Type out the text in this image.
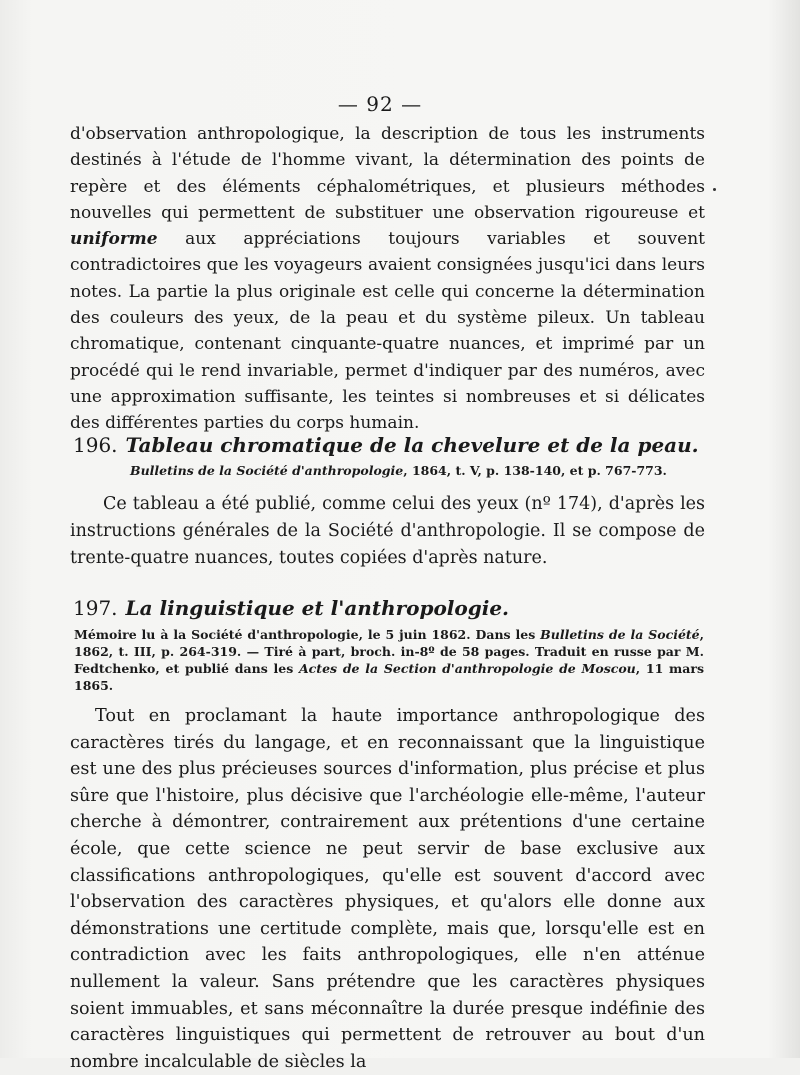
— 92 —

d'observation anthropologique, la description de tous les instruments destinés à l'étude de l'homme vivant, la détermination des points de repère et des éléments céphalométriques, et plusieurs méthodes nouvelles qui permettent de substituer une observation rigoureuse et uniforme aux appréciations toujours variables et souvent contradictoires que les voyageurs avaient consignées jusqu'ici dans leurs notes. La partie la plus originale est celle qui concerne la détermination des couleurs des yeux, de la peau et du système pileux. Un tableau chromatique, contenant cinquante-quatre nuances, et imprimé par un procédé qui le rend invariable, permet d'indiquer par des numéros, avec une approximation suffisante, les teintes si nombreuses et si délicates des différentes parties du corps humain.

196. Tableau chromatique de la chevelure et de la peau.

Bulletins de la Société d'anthropologie, 1864, t. V, p. 138-140, et p. 767-773.

Ce tableau a été publié, comme celui des yeux (nº 174), d'après les instructions générales de la Société d'anthropologie. Il se compose de trente-quatre nuances, toutes copiées d'après nature.

197. La linguistique et l'anthropologie.

Mémoire lu à la Société d'anthropologie, le 5 juin 1862. Dans les Bulletins de la Société, 1862, t. III, p. 264-319. — Tiré à part, broch. in-8º de 58 pages. Traduit en russe par M. Fedtchenko, et publié dans les Actes de la Section d'anthropologie de Moscou, 11 mars 1865.

Tout en proclamant la haute importance anthropologique des caractères tirés du langage, et en reconnaissant que la linguistique est une des plus précieuses sources d'information, plus précise et plus sûre que l'histoire, plus décisive que l'archéologie elle-même, l'auteur cherche à démontrer, contrairement aux prétentions d'une certaine école, que cette science ne peut servir de base exclusive aux classifications anthropologiques, qu'elle est souvent d'accord avec l'observation des caractères physiques, et qu'alors elle donne aux démonstrations une certitude complète, mais que, lorsqu'elle est en contradiction avec les faits anthropologiques, elle n'en atténue nullement la valeur. Sans prétendre que les caractères physiques soient immuables, et sans méconnaître la durée presque indéfinie des caractères linguistiques qui permettent de retrouver au bout d'un nombre incalculable de siècles la
